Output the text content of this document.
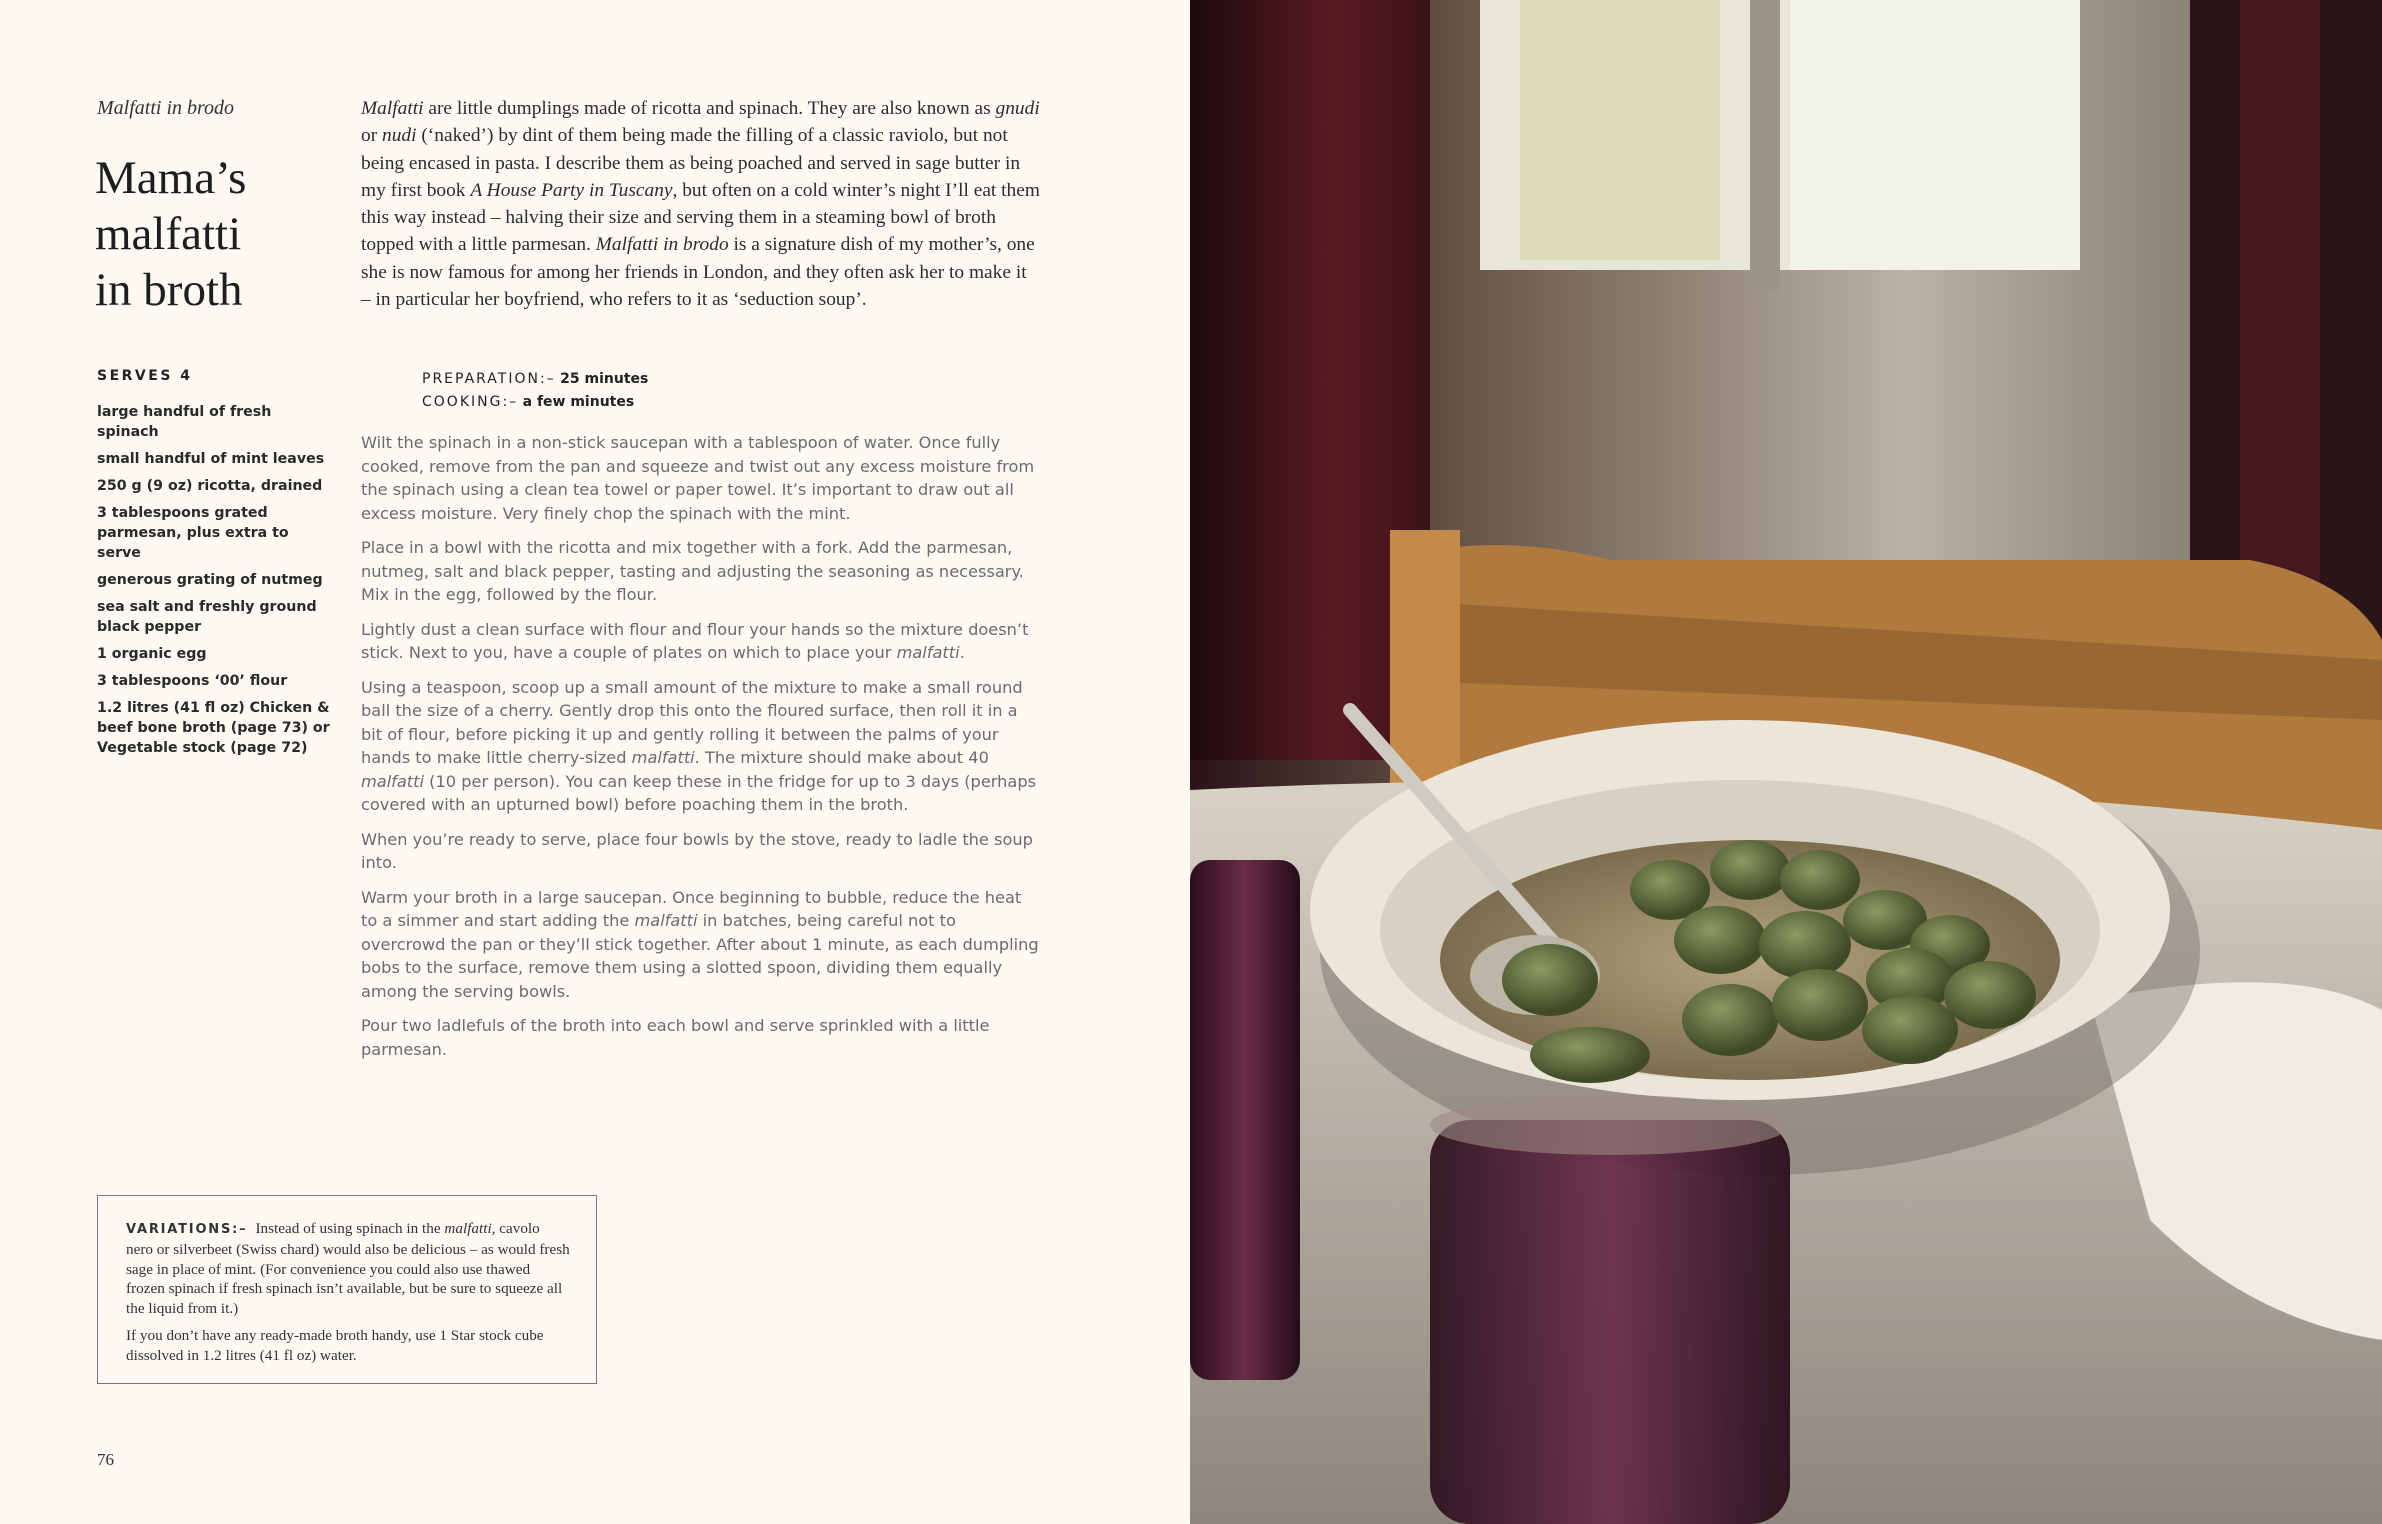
Malfatti in brodo
Mama’s
malfatti
in broth
Malfatti are little dumplings made of ricotta and spinach. They are also known as gnudi or nudi (‘naked’) by dint of them being made the filling of a classic raviolo, but not being encased in pasta. I describe them as being poached and served in sage butter in my first book A House Party in Tuscany, but often on a cold winter’s night I’ll eat them this way instead – halving their size and serving them in a steaming bowl of broth topped with a little parmesan. Malfatti in brodo is a signature dish of my mother’s, one she is now famous for among her friends in London, and they often ask her to make it – in particular her boyfriend, who refers to it as ‘seduction soup’.
SERVES 4
large handful of fresh spinach
small handful of mint leaves
250 g (9 oz) ricotta, drained
3 tablespoons grated parmesan, plus extra to serve
generous grating of nutmeg
sea salt and freshly ground black pepper
1 organic egg
3 tablespoons ‘00’ flour
1.2 litres (41 fl oz) Chicken & beef bone broth (page 73) or Vegetable stock (page 72)
PREPARATION:– 25 minutes
COOKING:– a few minutes

Wilt the spinach in a non-stick saucepan with a tablespoon of water. Once fully cooked, remove from the pan and squeeze and twist out any excess moisture from the spinach using a clean tea towel or paper towel. It’s important to draw out all excess moisture. Very finely chop the spinach with the mint.

Place in a bowl with the ricotta and mix together with a fork. Add the parmesan, nutmeg, salt and black pepper, tasting and adjusting the seasoning as necessary. Mix in the egg, followed by the flour.

Lightly dust a clean surface with flour and flour your hands so the mixture doesn’t stick. Next to you, have a couple of plates on which to place your malfatti.

Using a teaspoon, scoop up a small amount of the mixture to make a small round ball the size of a cherry. Gently drop this onto the floured surface, then roll it in a bit of flour, before picking it up and gently rolling it between the palms of your hands to make little cherry-sized malfatti. The mixture should make about 40 malfatti (10 per person). You can keep these in the fridge for up to 3 days (perhaps covered with an upturned bowl) before poaching them in the broth.

When you’re ready to serve, place four bowls by the stove, ready to ladle the soup into.

Warm your broth in a large saucepan. Once beginning to bubble, reduce the heat to a simmer and start adding the malfatti in batches, being careful not to overcrowd the pan or they’ll stick together. After about 1 minute, as each dumpling bobs to the surface, remove them using a slotted spoon, dividing them equally among the serving bowls.

Pour two ladlefuls of the broth into each bowl and serve sprinkled with a little parmesan.

VARIATIONS:– Instead of using spinach in the malfatti, cavolo nero or silverbeet (Swiss chard) would also be delicious – as would fresh sage in place of mint. (For convenience you could also use thawed frozen spinach if fresh spinach isn’t available, but be sure to squeeze all the liquid from it.)

If you don’t have any ready-made broth handy, use 1 Star stock cube dissolved in 1.2 litres (41 fl oz) water.

76
